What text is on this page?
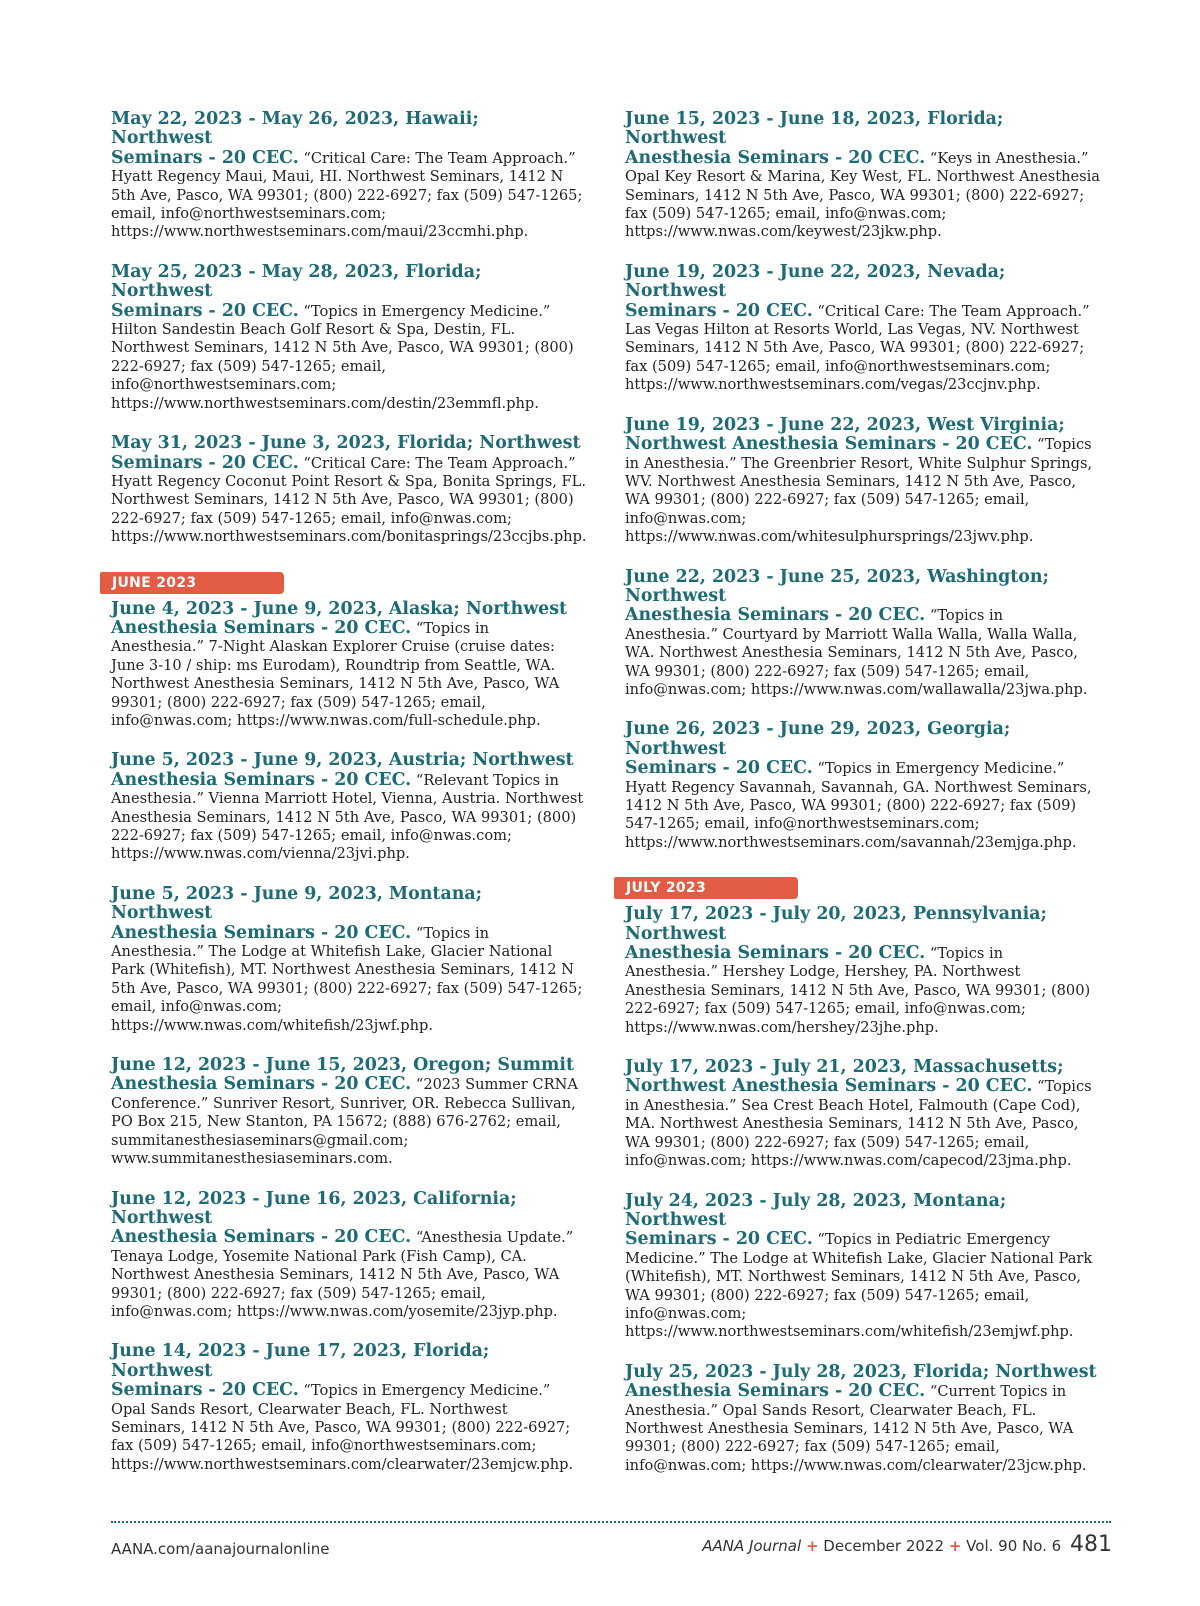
May 22, 2023 - May 26, 2023, Hawaii; Northwest
Seminars - 20 CEC. “Critical Care: The Team Approach.” Hyatt Regency Maui, Maui, HI. Northwest Seminars, 1412 N 5th Ave, Pasco, WA 99301; (800) 222-6927; fax (509) 547-1265; email, info@northwestseminars.com; https://www.northwestseminars.com/maui/23ccmhi.php.

May 25, 2023 - May 28, 2023, Florida; Northwest
Seminars - 20 CEC. “Topics in Emergency Medicine.” Hilton Sandestin Beach Golf Resort & Spa, Destin, FL. Northwest Seminars, 1412 N 5th Ave, Pasco, WA 99301; (800) 222-6927; fax (509) 547-1265; email, info@northwestseminars.com; https://www.northwestseminars.com/destin/23emmfl.php.

May 31, 2023 - June 3, 2023, Florida; Northwest
Seminars - 20 CEC. “Critical Care: The Team Approach.” Hyatt Regency Coconut Point Resort & Spa, Bonita Springs, FL. Northwest Seminars, 1412 N 5th Ave, Pasco, WA 99301; (800) 222-6927; fax (509) 547-1265; email, info@nwas.com; https://www.northwestseminars.com/bonitasprings/23ccjbs.php.

JUNE 2023

June 4, 2023 - June 9, 2023, Alaska; Northwest
Anesthesia Seminars - 20 CEC. “Topics in Anesthesia.” 7-Night Alaskan Explorer Cruise (cruise dates: June 3-10 / ship: ms Eurodam), Roundtrip from Seattle, WA. Northwest Anesthesia Seminars, 1412 N 5th Ave, Pasco, WA 99301; (800) 222-6927; fax (509) 547-1265; email, info@nwas.com; https://www.nwas.com/full-schedule.php.

June 5, 2023 - June 9, 2023, Austria; Northwest
Anesthesia Seminars - 20 CEC. “Relevant Topics in Anesthesia.” Vienna Marriott Hotel, Vienna, Austria. Northwest Anesthesia Seminars, 1412 N 5th Ave, Pasco, WA 99301; (800) 222-6927; fax (509) 547-1265; email, info@nwas.com; https://www.nwas.com/vienna/23jvi.php.

June 5, 2023 - June 9, 2023, Montana; Northwest
Anesthesia Seminars - 20 CEC. “Topics in Anesthesia.” The Lodge at Whitefish Lake, Glacier National Park (Whitefish), MT. Northwest Anesthesia Seminars, 1412 N 5th Ave, Pasco, WA 99301; (800) 222-6927; fax (509) 547-1265; email, info@nwas.com; https://www.nwas.com/whitefish/23jwf.php.

June 12, 2023 - June 15, 2023, Oregon; Summit
Anesthesia Seminars - 20 CEC. “2023 Summer CRNA Conference.” Sunriver Resort, Sunriver, OR. Rebecca Sullivan, PO Box 215, New Stanton, PA 15672; (888) 676-2762; email, summitanesthesiaseminars@gmail.com; www.summitanesthesiaseminars.com.

June 12, 2023 - June 16, 2023, California; Northwest
Anesthesia Seminars - 20 CEC. “Anesthesia Update.” Tenaya Lodge, Yosemite National Park (Fish Camp), CA. Northwest Anesthesia Seminars, 1412 N 5th Ave, Pasco, WA 99301; (800) 222-6927; fax (509) 547-1265; email, info@nwas.com; https://www.nwas.com/yosemite/23jyp.php.

June 14, 2023 - June 17, 2023, Florida; Northwest
Seminars - 20 CEC. “Topics in Emergency Medicine.” Opal Sands Resort, Clearwater Beach, FL. Northwest Seminars, 1412 N 5th Ave, Pasco, WA 99301; (800) 222-6927; fax (509) 547-1265; email, info@northwestseminars.com; https://www.northwestseminars.com/clearwater/23emjcw.php.

June 15, 2023 - June 18, 2023, Florida; Northwest
Anesthesia Seminars - 20 CEC. “Keys in Anesthesia.” Opal Key Resort & Marina, Key West, FL. Northwest Anesthesia Seminars, 1412 N 5th Ave, Pasco, WA 99301; (800) 222-6927; fax (509) 547-1265; email, info@nwas.com; https://www.nwas.com/keywest/23jkw.php.

June 19, 2023 - June 22, 2023, Nevada; Northwest
Seminars - 20 CEC. “Critical Care: The Team Approach.” Las Vegas Hilton at Resorts World, Las Vegas, NV. Northwest Seminars, 1412 N 5th Ave, Pasco, WA 99301; (800) 222-6927; fax (509) 547-1265; email, info@northwestseminars.com; https://www.northwestseminars.com/vegas/23ccjnv.php.

June 19, 2023 - June 22, 2023, West Virginia;
Northwest Anesthesia Seminars - 20 CEC. “Topics in Anesthesia.” The Greenbrier Resort, White Sulphur Springs, WV. Northwest Anesthesia Seminars, 1412 N 5th Ave, Pasco, WA 99301; (800) 222-6927; fax (509) 547-1265; email, info@nwas.com; https://www.nwas.com/whitesulphursprings/23jwv.php.

June 22, 2023 - June 25, 2023, Washington; Northwest
Anesthesia Seminars - 20 CEC. “Topics in Anesthesia.” Courtyard by Marriott Walla Walla, Walla Walla, WA. Northwest Anesthesia Seminars, 1412 N 5th Ave, Pasco, WA 99301; (800) 222-6927; fax (509) 547-1265; email, info@nwas.com; https://www.nwas.com/wallawalla/23jwa.php.

June 26, 2023 - June 29, 2023, Georgia; Northwest
Seminars - 20 CEC. “Topics in Emergency Medicine.” Hyatt Regency Savannah, Savannah, GA. Northwest Seminars, 1412 N 5th Ave, Pasco, WA 99301; (800) 222-6927; fax (509) 547-1265; email, info@northwestseminars.com; https://www.northwestseminars.com/savannah/23emjga.php.

JULY 2023

July 17, 2023 - July 20, 2023, Pennsylvania; Northwest
Anesthesia Seminars - 20 CEC. “Topics in Anesthesia.” Hershey Lodge, Hershey, PA. Northwest Anesthesia Seminars, 1412 N 5th Ave, Pasco, WA 99301; (800) 222-6927; fax (509) 547-1265; email, info@nwas.com; https://www.nwas.com/hershey/23jhe.php.

July 17, 2023 - July 21, 2023, Massachusetts;
Northwest Anesthesia Seminars - 20 CEC. “Topics in Anesthesia.” Sea Crest Beach Hotel, Falmouth (Cape Cod), MA. Northwest Anesthesia Seminars, 1412 N 5th Ave, Pasco, WA 99301; (800) 222-6927; fax (509) 547-1265; email, info@nwas.com; https://www.nwas.com/capecod/23jma.php.

July 24, 2023 - July 28, 2023, Montana; Northwest
Seminars - 20 CEC. “Topics in Pediatric Emergency Medicine.” The Lodge at Whitefish Lake, Glacier National Park (Whitefish), MT. Northwest Seminars, 1412 N 5th Ave, Pasco, WA 99301; (800) 222-6927; fax (509) 547-1265; email, info@nwas.com; https://www.northwestseminars.com/whitefish/23emjwf.php.

July 25, 2023 - July 28, 2023, Florida; Northwest
Anesthesia Seminars - 20 CEC. “Current Topics in Anesthesia.” Opal Sands Resort, Clearwater Beach, FL. Northwest Anesthesia Seminars, 1412 N 5th Ave, Pasco, WA 99301; (800) 222-6927; fax (509) 547-1265; email, info@nwas.com; https://www.nwas.com/clearwater/23jcw.php.

AANA.com/aanajournalonline	AANA Journal + December 2022 + Vol. 90 No. 6 481
